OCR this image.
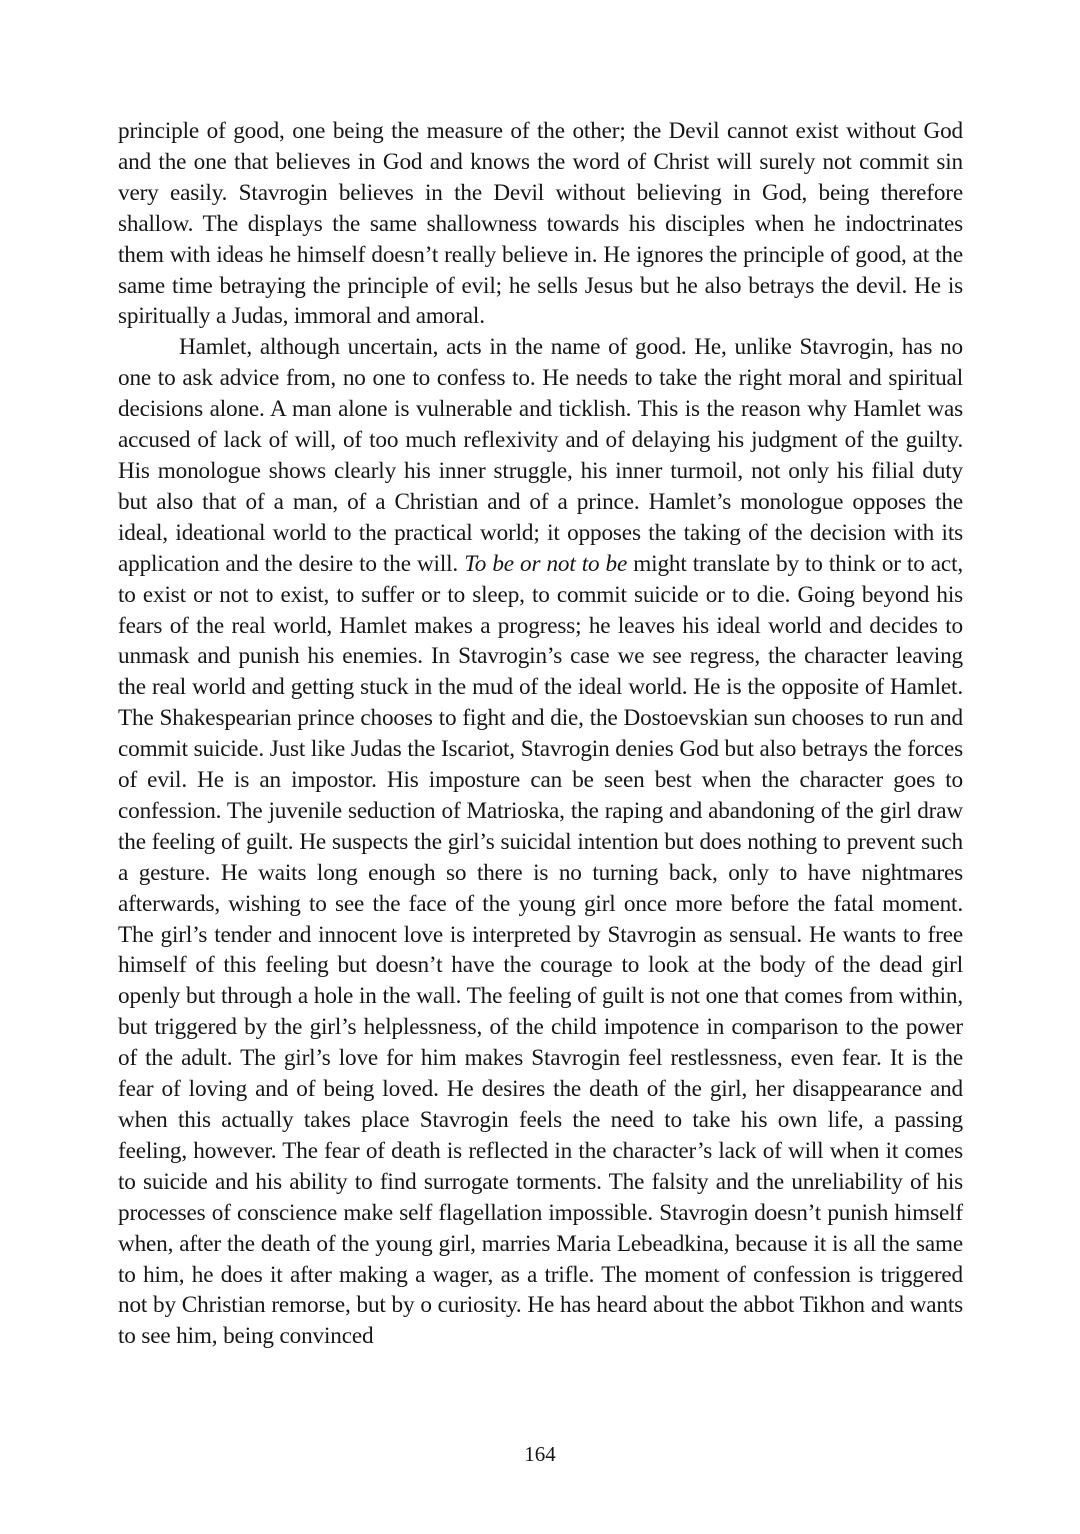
principle of good, one being the measure of the other; the Devil cannot exist without God and the one that believes in God and knows the word of Christ will surely not commit sin very easily. Stavrogin believes in the Devil without believing in God, being therefore shallow. The displays the same shallowness towards his disciples when he indoctrinates them with ideas he himself doesn’t really believe in. He ignores the principle of good, at the same time betraying the principle of evil; he sells Jesus but he also betrays the devil. He is spiritually a Judas, immoral and amoral.

Hamlet, although uncertain, acts in the name of good. He, unlike Stavrogin, has no one to ask advice from, no one to confess to. He needs to take the right moral and spiritual decisions alone. A man alone is vulnerable and ticklish. This is the reason why Hamlet was accused of lack of will, of too much reflexivity and of delaying his judgment of the guilty. His monologue shows clearly his inner struggle, his inner turmoil, not only his filial duty but also that of a man, of a Christian and of a prince. Hamlet’s monologue opposes the ideal, ideational world to the practical world; it opposes the taking of the decision with its application and the desire to the will. To be or not to be might translate by to think or to act, to exist or not to exist, to suffer or to sleep, to commit suicide or to die. Going beyond his fears of the real world, Hamlet makes a progress; he leaves his ideal world and decides to unmask and punish his enemies. In Stavrogin’s case we see regress, the character leaving the real world and getting stuck in the mud of the ideal world. He is the opposite of Hamlet. The Shakespearian prince chooses to fight and die, the Dostoevskian sun chooses to run and commit suicide. Just like Judas the Iscariot, Stavrogin denies God but also betrays the forces of evil. He is an impostor. His imposture can be seen best when the character goes to confession. The juvenile seduction of Matrioska, the raping and abandoning of the girl draw the feeling of guilt. He suspects the girl’s suicidal intention but does nothing to prevent such a gesture. He waits long enough so there is no turning back, only to have nightmares afterwards, wishing to see the face of the young girl once more before the fatal moment. The girl’s tender and innocent love is interpreted by Stavrogin as sensual. He wants to free himself of this feeling but doesn’t have the courage to look at the body of the dead girl openly but through a hole in the wall. The feeling of guilt is not one that comes from within, but triggered by the girl’s helplessness, of the child impotence in comparison to the power of the adult. The girl’s love for him makes Stavrogin feel restlessness, even fear. It is the fear of loving and of being loved. He desires the death of the girl, her disappearance and when this actually takes place Stavrogin feels the need to take his own life, a passing feeling, however. The fear of death is reflected in the character’s lack of will when it comes to suicide and his ability to find surrogate torments. The falsity and the unreliability of his processes of conscience make self flagellation impossible. Stavrogin doesn’t punish himself when, after the death of the young girl, marries Maria Lebeadkina, because it is all the same to him, he does it after making a wager, as a trifle. The moment of confession is triggered not by Christian remorse, but by o curiosity. He has heard about the abbot Tikhon and wants to see him, being convinced

164
